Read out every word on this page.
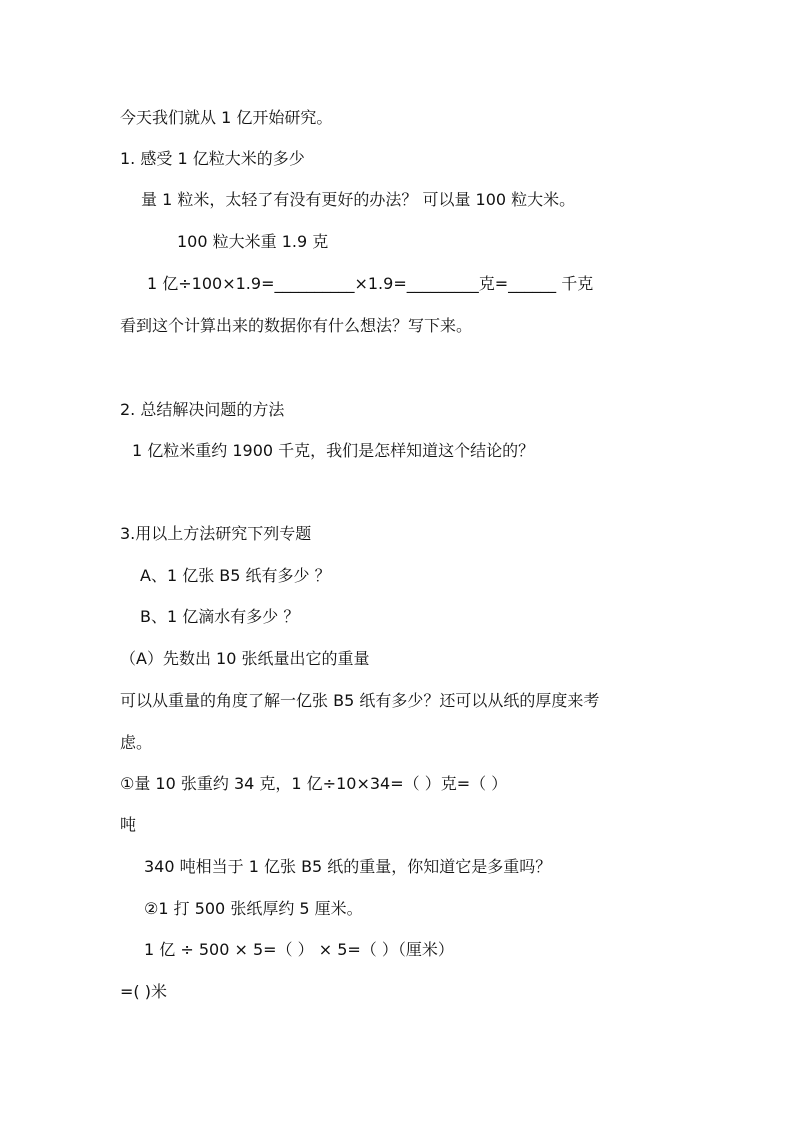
今天我们就从 1 亿开始研究。
1. 感受 1 亿粒大米的多少
量 1 粒米，太轻了有没有更好的办法？ 可以量 100 粒大米。
100 粒大米重 1.9 克
1 亿÷100×1.9=__________×1.9=_________克=______ 千克
看到这个计算出来的数据你有什么想法？写下来。
2. 总结解决问题的方法
1 亿粒米重约 1900 千克，我们是怎样知道这个结论的？
3.用以上方法研究下列专题
A、1 亿张 B5 纸有多少 ？
B、1 亿滴水有多少 ？
（A）先数出 10 张纸量出它的重量
可以从重量的角度了解一亿张 B5 纸有多少？还可以从纸的厚度来考
虑。
①量 10 张重约 34 克，1 亿÷10×34=（ ）克=（ ）
吨
340 吨相当于 1 亿张 B5 纸的重量，你知道它是多重吗？
②1 打 500 张纸厚约 5 厘米。
1 亿 ÷ 500 × 5=（ ） × 5=（ ）（厘米）
=( )米
